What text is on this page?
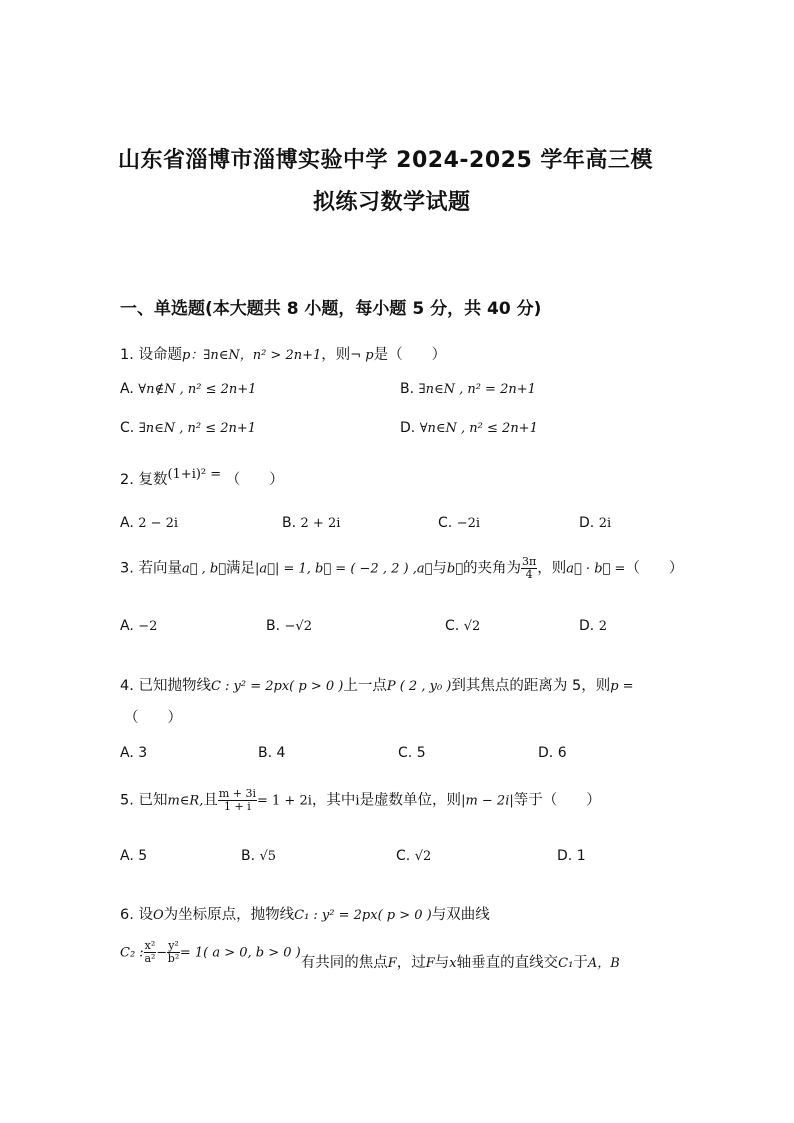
山东省淄博市淄博实验中学 2024-2025 学年高三模
拟练习数学试题
一、单选题(本大题共 8 小题，每小题 5 分，共 40 分)
1. 设命题p：∃n∈N，n² > 2n+1，则¬ p是（　　）
A. ∀n∉N , n² ≤ 2n+1	B. ∃n∈N , n² = 2n+1
C. ∃n∈N , n² ≤ 2n+1	D. ∀n∈N , n² ≤ 2n+1
2. 复数(1+i)² = （　　）
A. 2 − 2i	B. 2 + 2i	C. −2i	D. 2i
3. 若向量a⃗ , b⃗满足|a⃗| = 1, b⃗ = ( −2 , 2 ) ,a⃗与b⃗的夹角为 $\frac{3\pi}{4}$ ，则a⃗ · b⃗ =（　　）
A. −2	B. −√2	C. √2	D. 2
4. 已知抛物线C : y² = 2px( p > 0 )上一点P ( 2 , y₀ )到其焦点的距离为 5，则p =
（　　）
A. 3	B. 4	C. 5	D. 6
5. 已知m∈R,且 $\frac{m + 3i}{1 + i} = 1 + 2i$，其中i是虚数单位，则|m − 2i|等于（　　）
A. 5	B. √5	C. √2	D. 1
6. 设O为坐标原点，抛物线C₁ : y² = 2px( p > 0 )与双曲线
C₂ : $\frac{\text{x²}}{\text{a²}} - \frac{\text{y²}}{\text{b²}} = 1$( a > 0, b > 0 )有共同的焦点F，过F与x轴垂直的直线交C₁于A，B
